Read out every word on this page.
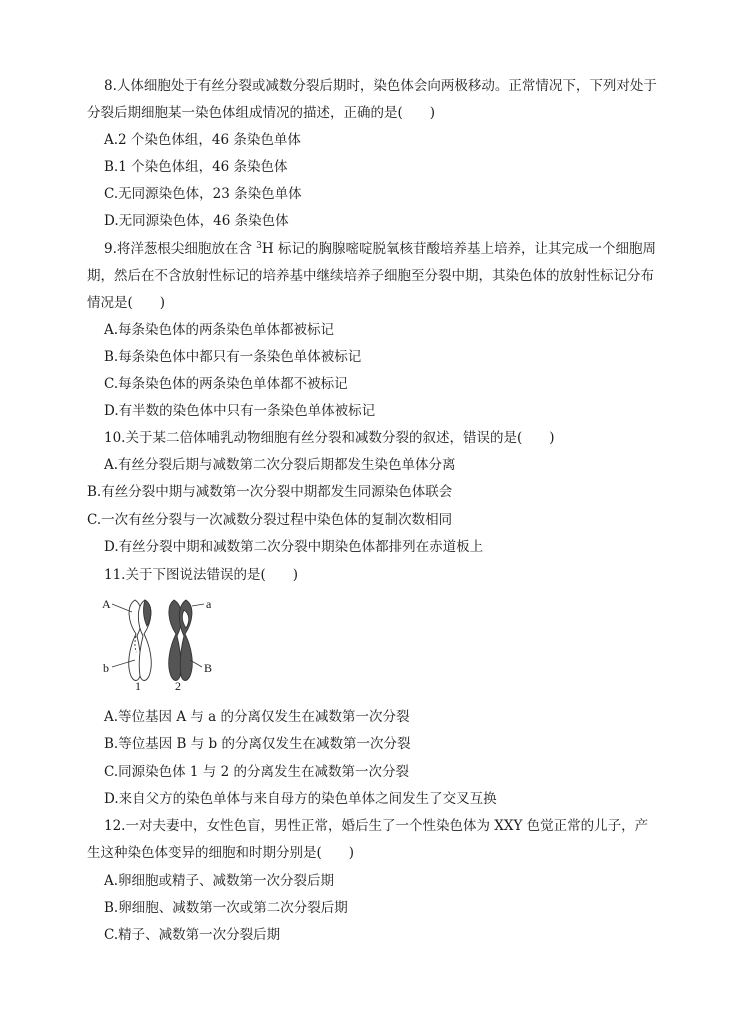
8.人体细胞处于有丝分裂或减数分裂后期时，染色体会向两极移动。正常情况下，下列对处于
分裂后期细胞某一染色体组成情况的描述，正确的是(　　)
A.2 个染色体组，46 条染色单体
B.1 个染色体组，46 条染色体
C.无同源染色体，23 条染色单体
D.无同源染色体，46 条染色体
9.将洋葱根尖细胞放在含 $^3$H 标记的胸腺嘧啶脱氧核苷酸培养基上培养，让其完成一个细胞周
期，然后在不含放射性标记的培养基中继续培养子细胞至分裂中期，其染色体的放射性标记分布
情况是(　　)
A.每条染色体的两条染色单体都被标记
B.每条染色体中都只有一条染色单体被标记
C.每条染色体的两条染色单体都不被标记
D.有半数的染色体中只有一条染色单体被标记
10.关于某二倍体哺乳动物细胞有丝分裂和减数分裂的叙述，错误的是(　　)
A.有丝分裂后期与减数第二次分裂后期都发生染色单体分离
B.有丝分裂中期与减数第一次分裂中期都发生同源染色体联会
C.一次有丝分裂与一次减数分裂过程中染色体的复制次数相同
D.有丝分裂中期和减数第二次分裂中期染色体都排列在赤道板上
11.关于下图说法错误的是(　　)
A	a
b	B
1	2
A.等位基因 A 与 a 的分离仅发生在减数第一次分裂
B.等位基因 B 与 b 的分离仅发生在减数第一次分裂
C.同源染色体 1 与 2 的分离发生在减数第一次分裂
D.来自父方的染色单体与来自母方的染色单体之间发生了交叉互换
12.一对夫妻中，女性色盲，男性正常，婚后生了一个性染色体为 XXY 色觉正常的儿子，产
生这种染色体变异的细胞和时期分别是(　　)
A.卵细胞或精子、减数第一次分裂后期
B.卵细胞、减数第一次或第二次分裂后期
C.精子、减数第一次分裂后期
